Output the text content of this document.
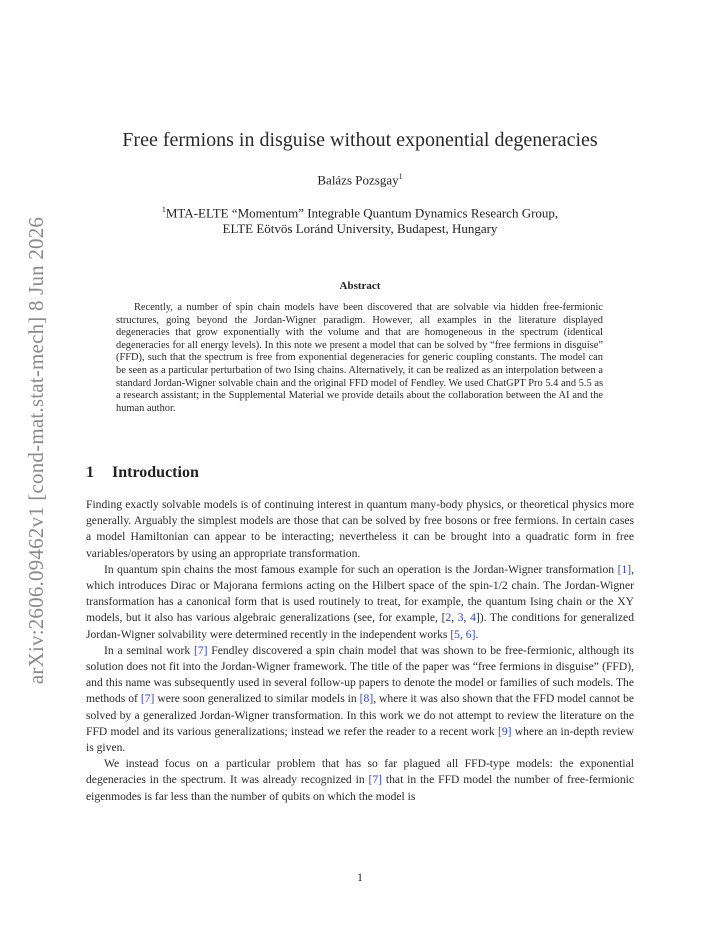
arXiv:2606.09462v1 [cond-mat.stat-mech] 8 Jun 2026
Free fermions in disguise without exponential degeneracies
Balázs Pozsgay$^1$
$^1$MTA-ELTE “Momentum” Integrable Quantum Dynamics Research Group,
ELTE Eötvös Loránd University, Budapest, Hungary
Abstract
Recently, a number of spin chain models have been discovered that are solvable via hidden free-fermionic structures, going beyond the Jordan-Wigner paradigm. However, all examples in the literature displayed degeneracies that grow exponentially with the volume and that are homogeneous in the spectrum (identical degeneracies for all energy levels). In this note we present a model that can be solved by “free fermions in disguise” (FFD), such that the spectrum is free from exponential degeneracies for generic coupling constants. The model can be seen as a particular perturbation of two Ising chains. Alternatively, it can be realized as an interpolation between a standard Jordan-Wigner solvable chain and the original FFD model of Fendley. We used ChatGPT Pro 5.4 and 5.5 as a research assistant; in the Supplemental Material we provide details about the collaboration between the AI and the human author.
1 Introduction

Finding exactly solvable models is of continuing interest in quantum many-body physics, or theoretical physics more generally. Arguably the simplest models are those that can be solved by free bosons or free fermions. In certain cases a model Hamiltonian can appear to be interacting; nevertheless it can be brought into a quadratic form in free variables/operators by using an appropriate transformation.

In quantum spin chains the most famous example for such an operation is the Jordan-Wigner transformation [1], which introduces Dirac or Majorana fermions acting on the Hilbert space of the spin-1/2 chain. The Jordan-Wigner transformation has a canonical form that is used routinely to treat, for example, the quantum Ising chain or the XY models, but it also has various algebraic generalizations (see, for example, [2, 3, 4]). The conditions for generalized Jordan-Wigner solvability were determined recently in the independent works [5, 6].

In a seminal work [7] Fendley discovered a spin chain model that was shown to be free-fermionic, although its solution does not fit into the Jordan-Wigner framework. The title of the paper was “free fermions in disguise” (FFD), and this name was subsequently used in several follow-up papers to denote the model or families of such models. The methods of [7] were soon generalized to similar models in [8], where it was also shown that the FFD model cannot be solved by a generalized Jordan-Wigner transformation. In this work we do not attempt to review the literature on the FFD model and its various generalizations; instead we refer the reader to a recent work [9] where an in-depth review is given.

We instead focus on a particular problem that has so far plagued all FFD-type models: the exponential degeneracies in the spectrum. It was already recognized in [7] that in the FFD model the number of free-fermionic eigenmodes is far less than the number of qubits on which the model is

1
